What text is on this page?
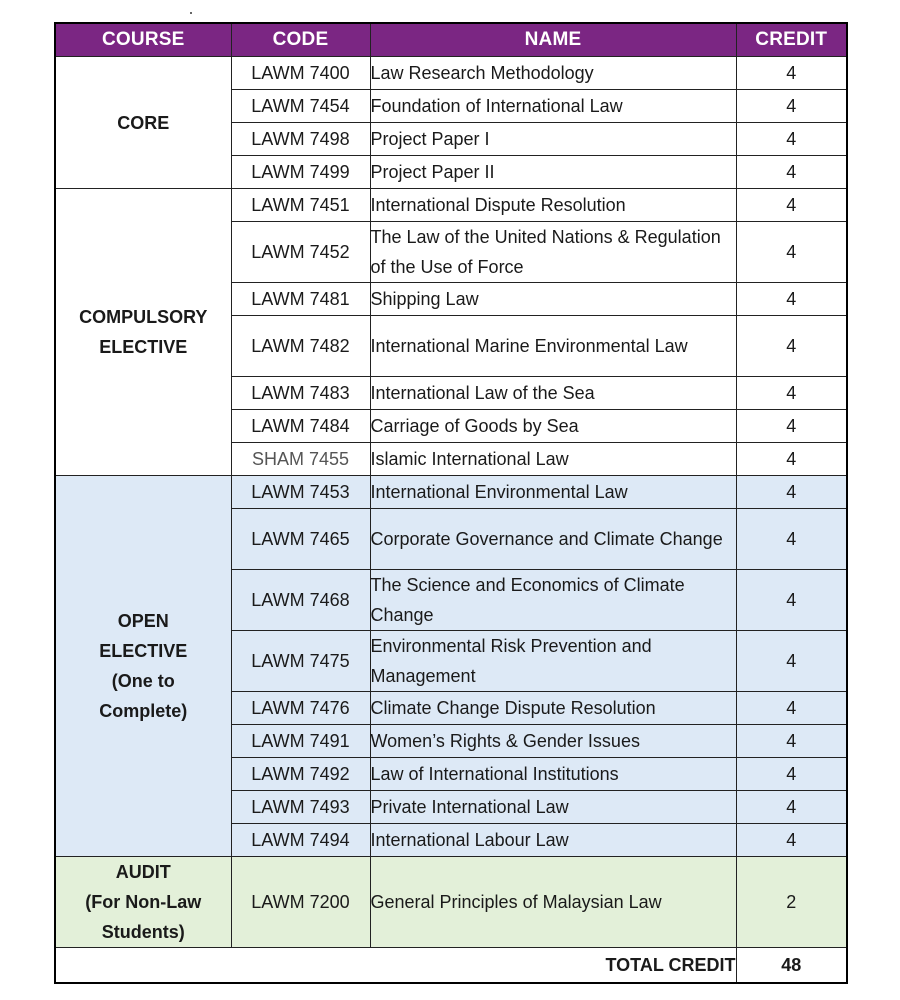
COURSE	CODE	NAME	CREDIT

CORE	LAWM 7400	Law Research Methodology	4
	LAWM 7454	Foundation of International Law	4
	LAWM 7498	Project Paper I	4
	LAWM 7499	Project Paper II	4

COMPULSORY
ELECTIVE	LAWM 7451	International Dispute Resolution	4
	LAWM 7452	The Law of the United Nations & Regulation of the Use of Force	4
	LAWM 7481	Shipping Law	4
	LAWM 7482	International Marine Environmental Law	4
	LAWM 7483	International Law of the Sea	4
	LAWM 7484	Carriage of Goods by Sea	4
	SHAM 7455	Islamic International Law	4

OPEN
ELECTIVE
(One to
Complete)	LAWM 7453	International Environmental Law	4
	LAWM 7465	Corporate Governance and Climate Change	4
	LAWM 7468	The Science and Economics of Climate Change	4
	LAWM 7475	Environmental Risk Prevention and Management	4
	LAWM 7476	Climate Change Dispute Resolution	4
	LAWM 7491	Women’s Rights & Gender Issues	4
	LAWM 7492	Law of International Institutions	4
	LAWM 7493	Private International Law	4
	LAWM 7494	International Labour Law	4

AUDIT
(For Non-Law
Students)	LAWM 7200	General Principles of Malaysian Law	2
TOTAL CREDIT			48
